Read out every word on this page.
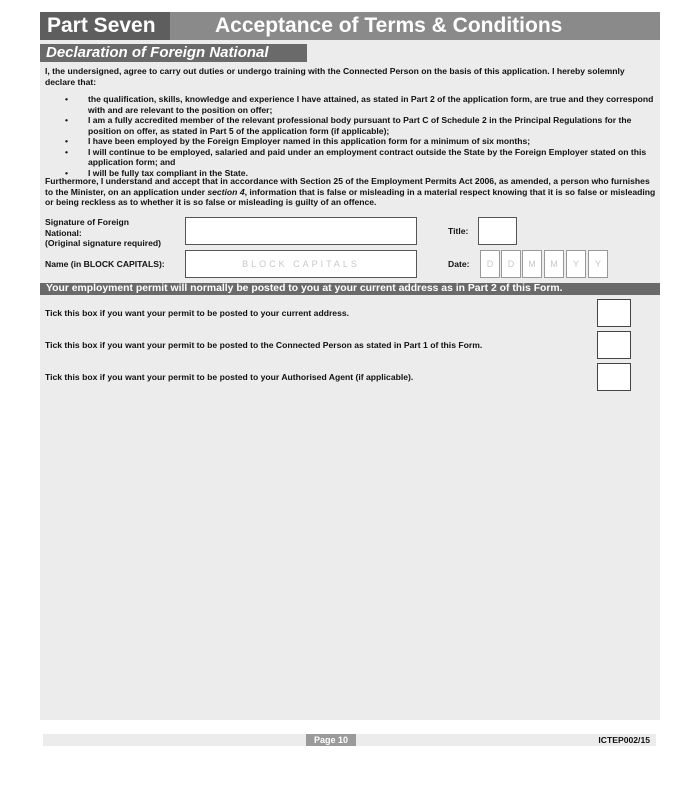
Part Seven	Acceptance of Terms & Conditions
Declaration of Foreign National
I, the undersigned, agree to carry out duties or undergo training with the Connected Person on the basis of this application. I hereby solemnly declare that:
• the qualification, skills, knowledge and experience I have attained, as stated in Part 2 of the application form, are true and they correspond with and are relevant to the position on offer;
• I am a fully accredited member of the relevant professional body pursuant to Part C of Schedule 2 in the Principal Regulations for the position on offer, as stated in Part 5 of the application form (if applicable);
• I have been employed by the Foreign Employer named in this application form for a minimum of six months;
• I will continue to be employed, salaried and paid under an employment contract outside the State by the Foreign Employer stated on this application form; and
• I will be fully tax compliant in the State.
Furthermore, I understand and accept that in accordance with Section 25 of the Employment Permits Act 2006, as amended, a person who furnishes to the Minister, on an application under section 4, information that is false or misleading in a material respect knowing that it is so false or misleading or being reckless as to whether it is so false or misleading is guilty of an offence.
Signature of Foreign
National:
(Original signature required)
Title:
Name (in BLOCK CAPITALS):	BLOCK CAPITALS	Date:	D	D	M	M	Y	Y
Your employment permit will normally be posted to you at your current address as in Part 2 of this Form.
Tick this box if you want your permit to be posted to your current address.
Tick this box if you want your permit to be posted to the Connected Person as stated in Part 1 of this Form.
Tick this box if you want your permit to be posted to your Authorised Agent (if applicable).
Page 10	ICTEP002/15
